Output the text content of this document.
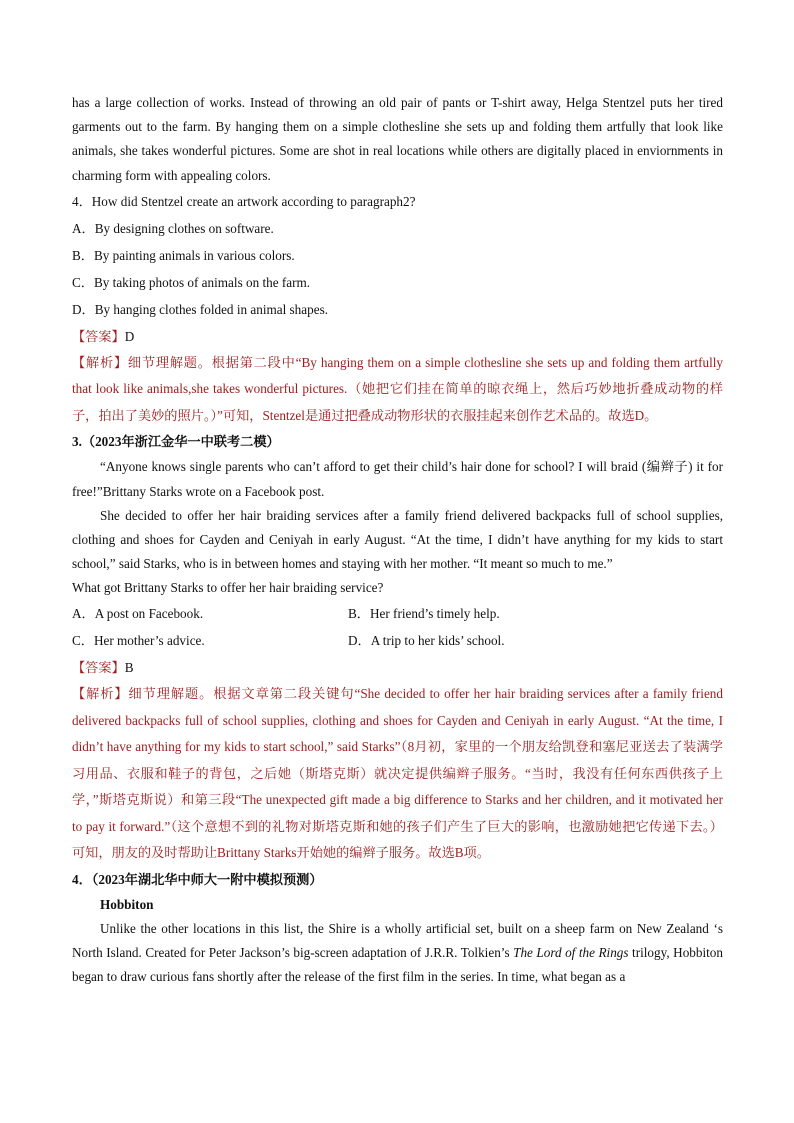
has a large collection of works. Instead of throwing an old pair of pants or T-shirt away, Helga Stentzel puts her tired garments out to the farm. By hanging them on a simple clothesline she sets up and folding them artfully that look like animals, she takes wonderful pictures. Some are shot in real locations while others are digitally placed in enviornments in charming form with appealing colors.

4．How did Stentzel create an artwork according to paragraph2?

A．By designing clothes on software.

B．By painting animals in various colors.

C．By taking photos of animals on the farm.

D．By hanging clothes folded in animal shapes.

【答案】D

【解析】细节理解题。根据第二段中“By hanging them on a simple clothesline she sets up and folding them artfully that look like animals,she takes wonderful pictures.（她把它们挂在简单的晾衣绳上，然后巧妙地折叠成动物的样子，拍出了美妙的照片。）”可知，Stentzel是通过把叠成动物形状的衣服挂起来创作艺术品的。故选D。

3.（2023年浙江金华一中联考二模）

“Anyone knows single parents who can’t afford to get their child’s hair done for school? I will braid (编辫子) it for free!”Brittany Starks wrote on a Facebook post.

She decided to offer her hair braiding services after a family friend delivered backpacks full of school supplies, clothing and shoes for Cayden and Ceniyah in early August. “At the time, I didn’t have anything for my kids to start school,” said Starks, who is in between homes and staying with her mother. “It meant so much to me.”

What got Brittany Starks to offer her hair braiding service?

A．A post on Facebook.	B．Her friend’s timely help.
C．Her mother’s advice.	D．A trip to her kids’ school.

【答案】B

【解析】细节理解题。根据文章第二段关键句“She decided to offer her hair braiding services after a family friend delivered backpacks full of school supplies, clothing and shoes for Cayden and Ceniyah in early August. “At the time, I didn’t have anything for my kids to start school,” said Starks”（8月初，家里的一个朋友给凯登和塞尼亚送去了装满学习用品、衣服和鞋子的背包，之后她（斯塔克斯）就决定提供编辫子服务。“当时，我没有任何东西供孩子上学，”斯塔克斯说）和第三段“The unexpected gift made a big difference to Starks and her children, and it motivated her to pay it forward.”（这个意想不到的礼物对斯塔克斯和她的孩子们产生了巨大的影响，也激励她把它传递下去。）可知，朋友的及时帮助让Brittany Starks开始她的编辫子服务。故选B项。

4．（2023年湖北华中师大一附中模拟预测）

Hobbiton

Unlike the other locations in this list, the Shire is a wholly artificial set, built on a sheep farm on New Zealand ‘s North Island. Created for Peter Jackson’s big-screen adaptation of J.R.R. Tolkien’s The Lord of the Rings trilogy, Hobbiton began to draw curious fans shortly after the release of the first film in the series. In time, what began as a
